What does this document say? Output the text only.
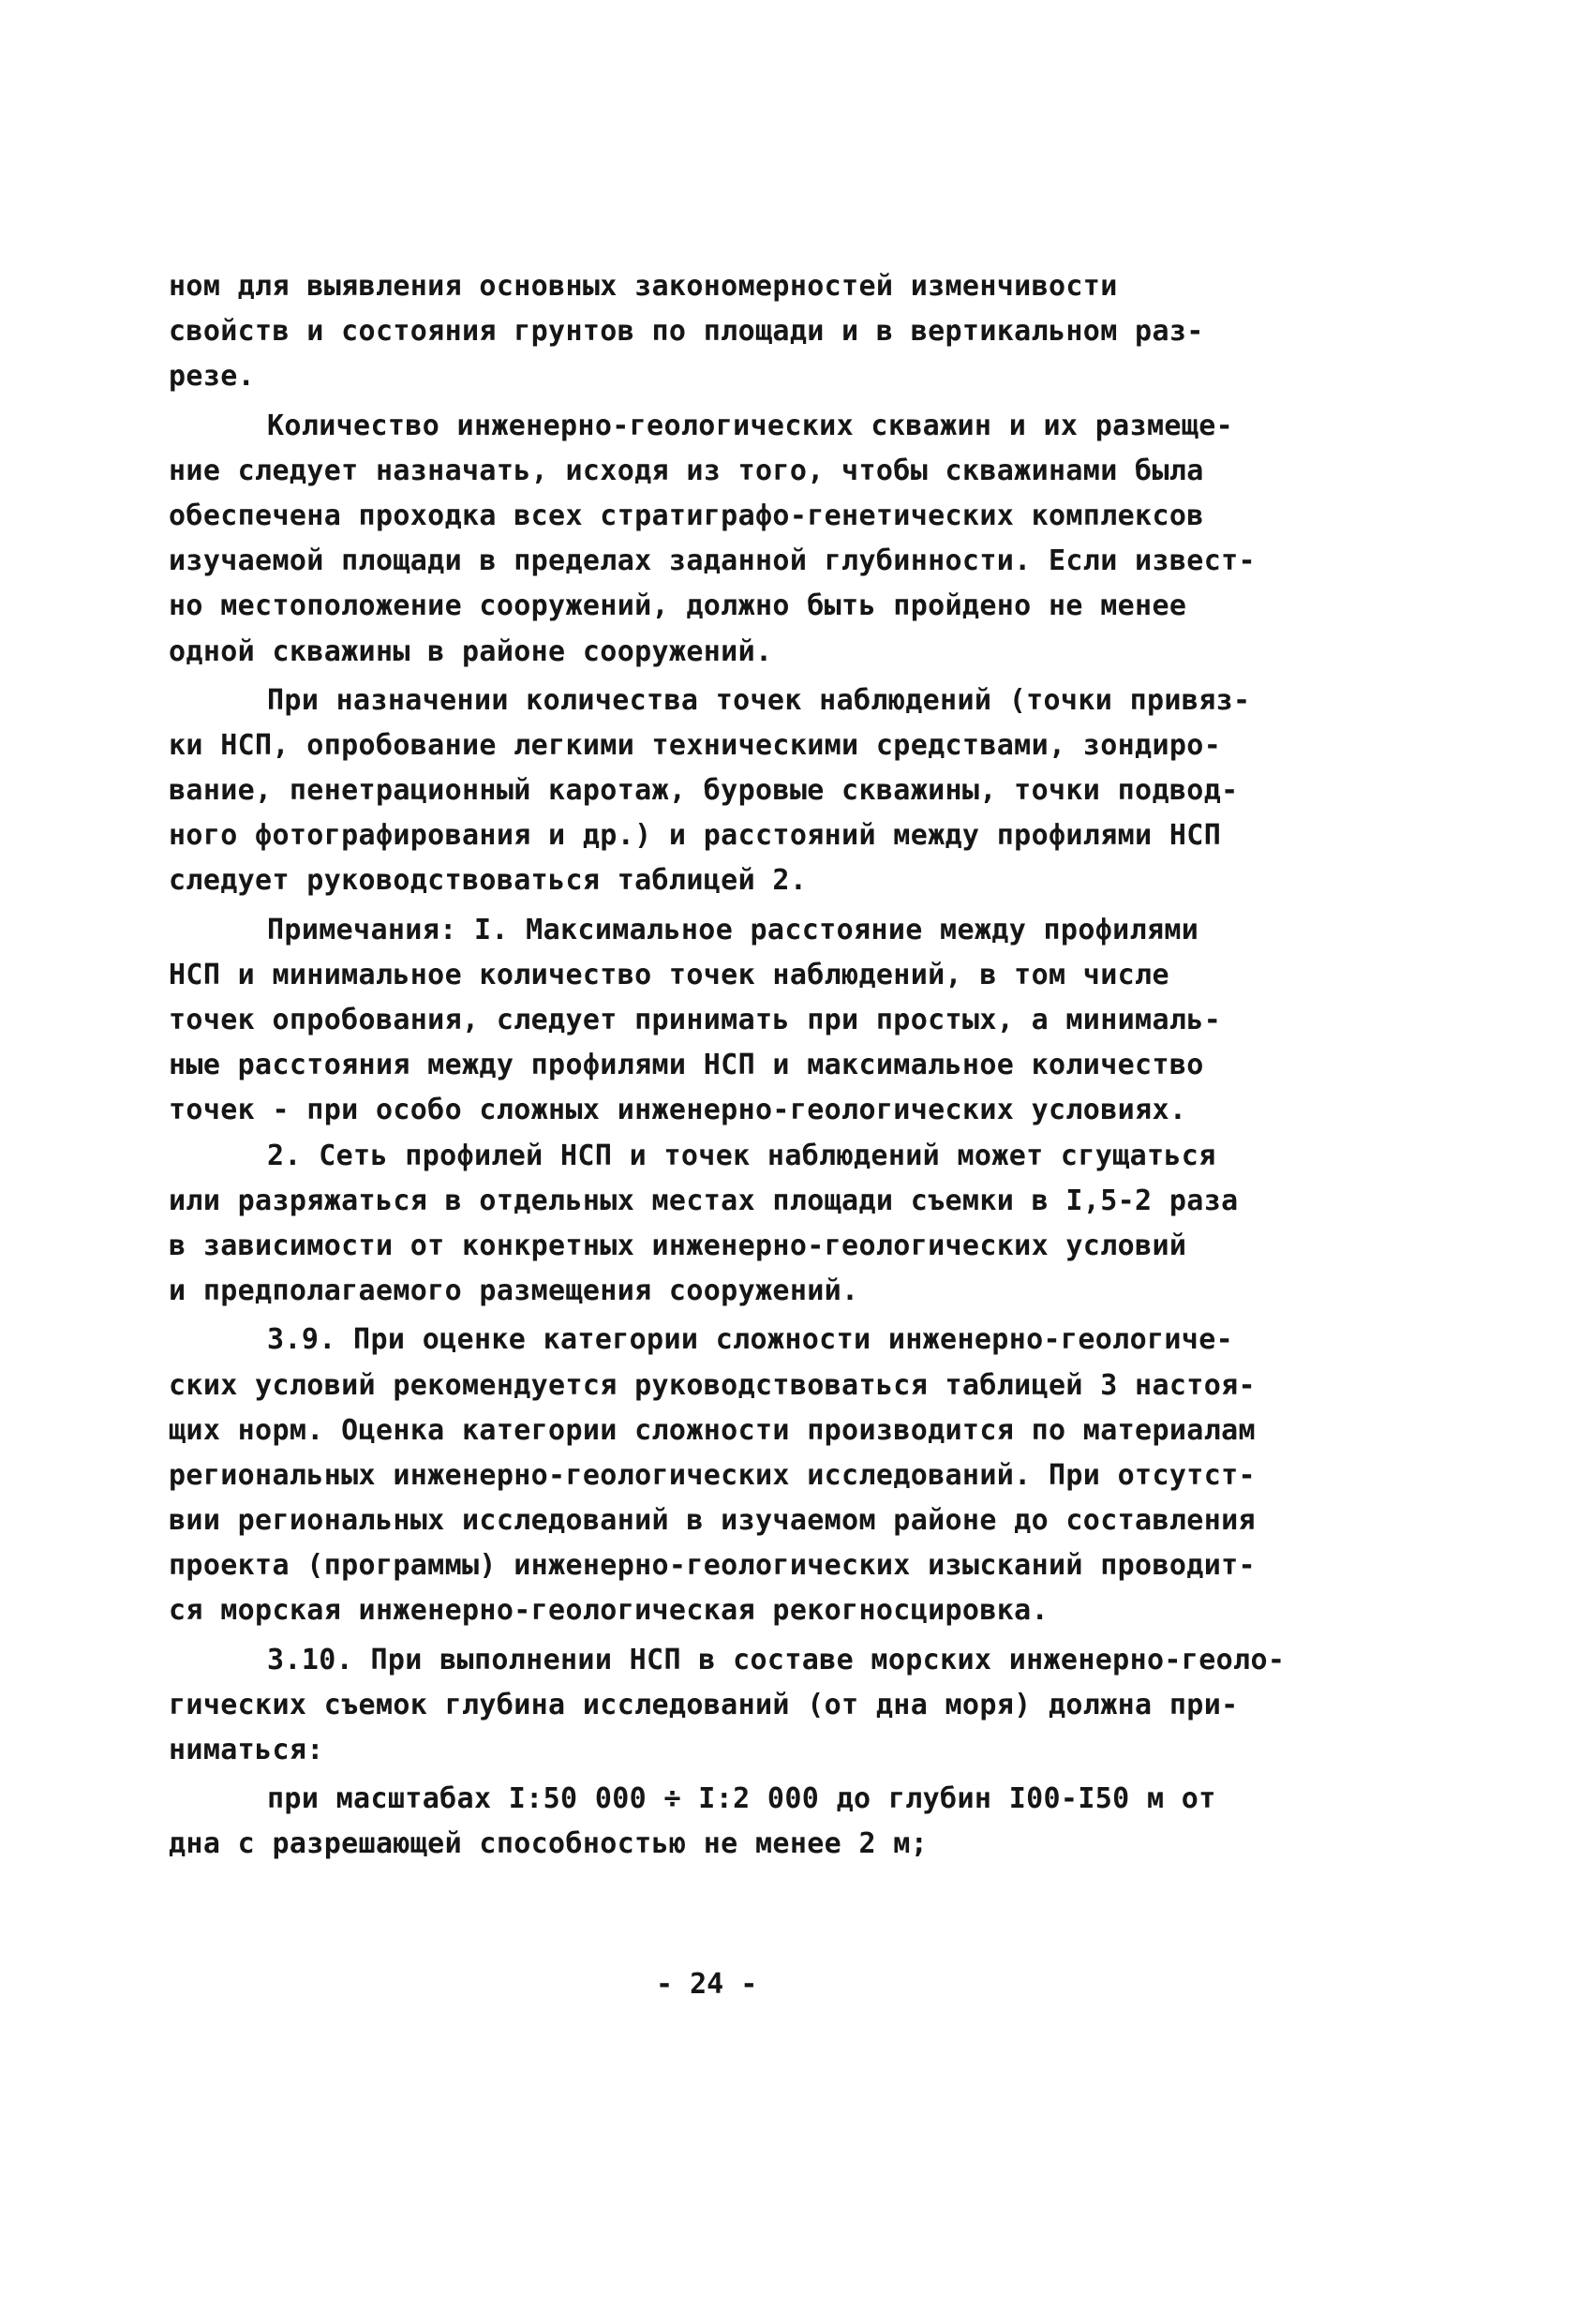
ном для выявления основных закономерностей изменчивости
свойств и состояния грунтов по площади и в вертикальном раз-
резе.
Количество инженерно-геологических скважин и их размеще-
ние следует назначать, исходя из того, чтобы скважинами была
обеспечена проходка всех стратиграфо-генетических комплексов
изучаемой площади в пределах заданной глубинности. Если извест-
но местоположение сооружений, должно быть пройдено не менее
одной скважины в районе сооружений.
При назначении количества точек наблюдений (точки привяз-
ки НСП, опробование легкими техническими средствами, зондиро-
вание, пенетрационный каротаж, буровые скважины, точки подвод-
ного фотографирования и др.) и расстояний между профилями НСП
следует руководствоваться таблицей 2.
Примечания: I. Максимальное расстояние между профилями
НСП и минимальное количество точек наблюдений, в том числе
точек опробования, следует принимать при простых, а минималь-
ные расстояния между профилями НСП и максимальное количество
точек - при особо сложных инженерно-геологических условиях.
2. Сеть профилей НСП и точек наблюдений может сгущаться
или разряжаться в отдельных местах площади съемки в I,5-2 раза
в зависимости от конкретных инженерно-геологических условий
и предполагаемого размещения сооружений.
3.9. При оценке категории сложности инженерно-геологиче-
ских условий рекомендуется руководствоваться таблицей 3 настоя-
щих норм. Оценка категории сложности производится по материалам
региональных инженерно-геологических исследований. При отсутст-
вии региональных исследований в изучаемом районе до составления
проекта (программы) инженерно-геологических изысканий проводит-
ся морская инженерно-геологическая рекогносцировка.
3.10. При выполнении НСП в составе морских инженерно-геоло-
гических съемок глубина исследований (от дна моря) должна при-
ниматься:
при масштабах I:50 000 ÷ I:2 000 до глубин I00-I50 м от
дна с разрешающей способностью не менее 2 м;
- 24 -
